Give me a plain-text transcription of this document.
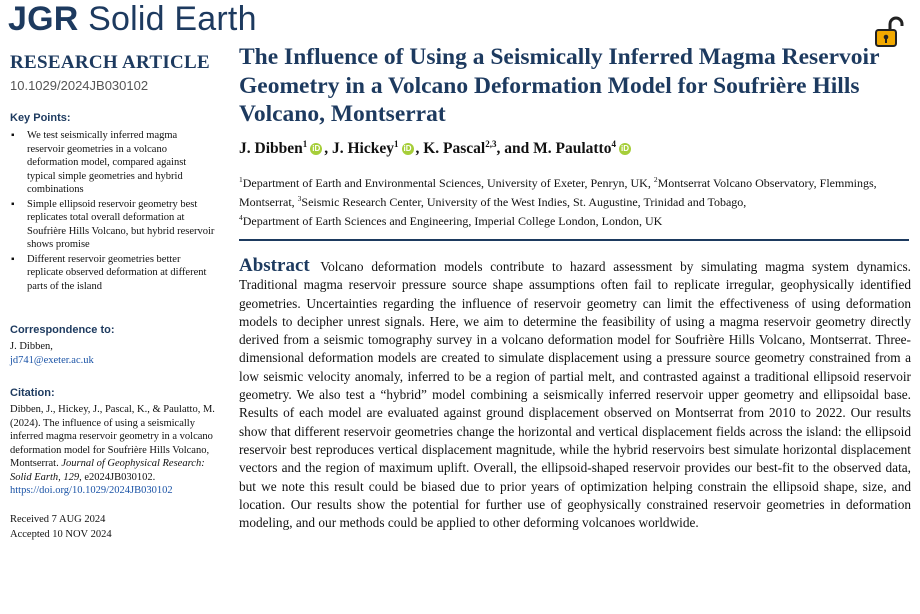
JGR Solid Earth
RESEARCH ARTICLE
10.1029/2024JB030102
Key Points:
▪ We test seismically inferred magma reservoir geometries in a volcano deformation model, compared against typical simple geometries and hybrid combinations
▪ Simple ellipsoid reservoir geometry best replicates total overall deformation at Soufrière Hills Volcano, but hybrid reservoir shows promise
▪ Different reservoir geometries better replicate observed deformation at different parts of the island
Correspondence to:
J. Dibben,
jd741@exeter.ac.uk
Citation:
Dibben, J., Hickey, J., Pascal, K., & Paulatto, M. (2024). The influence of using a seismically inferred magma reservoir geometry in a volcano deformation model for Soufrière Hills Volcano, Montserrat. Journal of Geophysical Research: Solid Earth, 129, e2024JB030102. https://doi.org/10.1029/2024JB030102
Received 7 AUG 2024
Accepted 10 NOV 2024
The Influence of Using a Seismically Inferred Magma Reservoir Geometry in a Volcano Deformation Model for Soufrière Hills Volcano, Montserrat
J. Dibben$^1$ iD , J. Hickey$^1$ iD , K. Pascal$^{2,3}$, and M. Paulatto$^4$ iD
$^1$Department of Earth and Environmental Sciences, University of Exeter, Penryn, UK, $^2$Montserrat Volcano Observatory, Flemmings, Montserrat, $^3$Seismic Research Center, University of the West Indies, St. Augustine, Trinidad and Tobago,
$^4$Department of Earth Sciences and Engineering, Imperial College London, London, UK
Abstract Volcano deformation models contribute to hazard assessment by simulating magma system dynamics. Traditional magma reservoir pressure source shape assumptions often fail to replicate irregular, geophysically identified geometries. Uncertainties regarding the influence of reservoir geometry can limit the effectiveness of using deformation models to decipher unrest signals. Here, we aim to determine the feasibility of using a magma reservoir geometry directly derived from a seismic tomography survey in a volcano deformation model for Soufrière Hills Volcano, Montserrat. Three-dimensional deformation models are created to simulate displacement using a pressure source geometry constrained from a low seismic velocity anomaly, inferred to be a region of partial melt, and contrasted against a traditional ellipsoid reservoir geometry. We also test a “hybrid” model combining a seismically inferred reservoir upper geometry and ellipsoidal base. Results of each model are evaluated against ground displacement observed on Montserrat from 2010 to 2022. Our results show that different reservoir geometries change the horizontal and vertical displacement fields across the island: the ellipsoid reservoir best reproduces vertical displacement magnitude, while the hybrid reservoirs best simulate horizontal displacement vectors and the region of maximum uplift. Overall, the ellipsoid-shaped reservoir provides our best-fit to the observed data, but we note this result could be biased due to prior years of optimization helping constrain the ellipsoid shape, size, and location. Our results show the potential for further use of geophysically constrained reservoir geometries in deformation modeling, and our methods could be applied to other deforming volcanoes worldwide.
